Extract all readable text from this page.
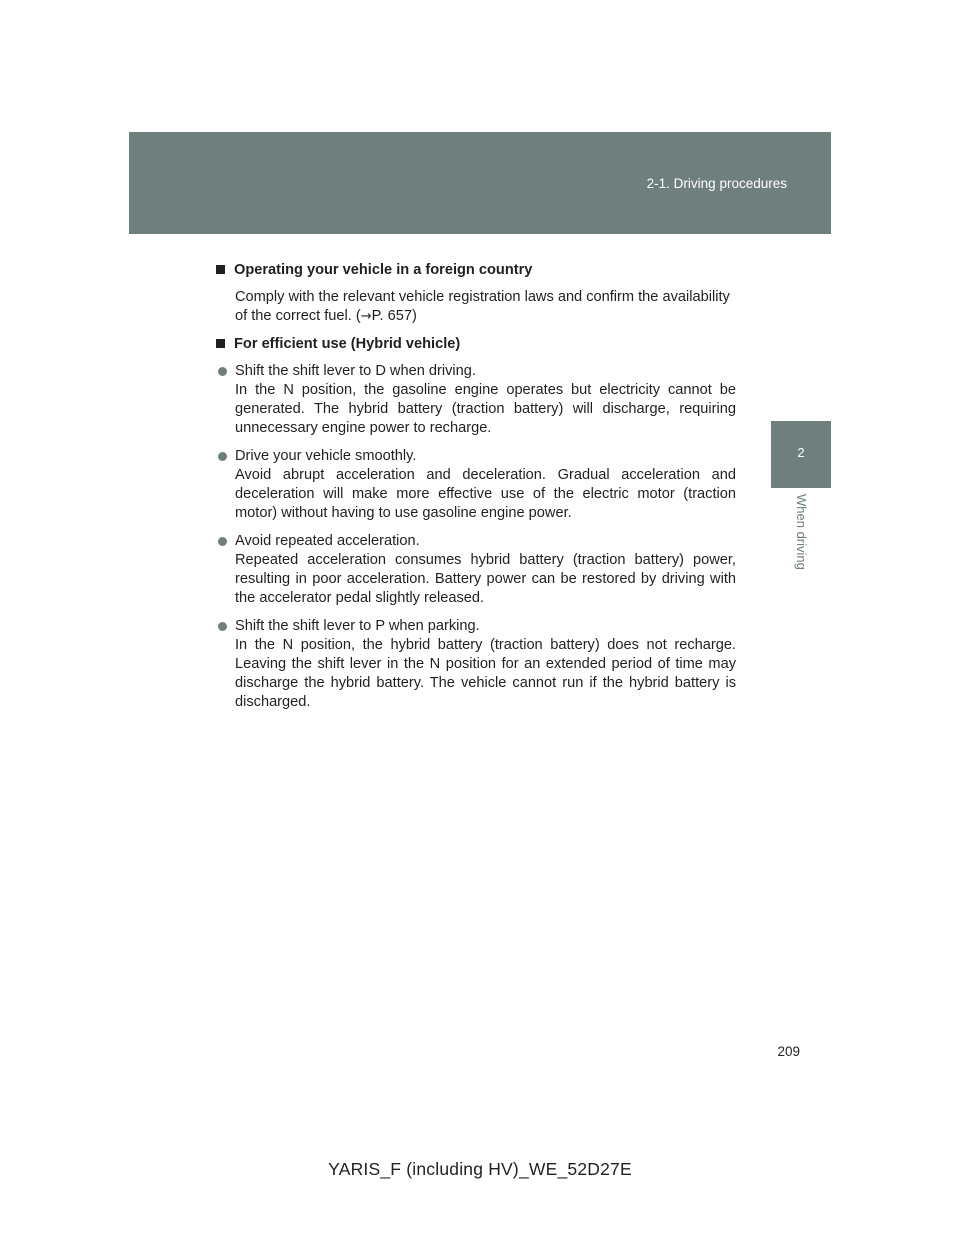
2-1. Driving procedures
2
When driving
Operating your vehicle in a foreign country
Comply with the relevant vehicle registration laws and confirm the availability of the correct fuel. (→P. 657)
For efficient use (Hybrid vehicle)
Shift the shift lever to D when driving.
In the N position, the gasoline engine operates but electricity cannot be generated. The hybrid battery (traction battery) will discharge, requiring unnecessary engine power to recharge.
Drive your vehicle smoothly.
Avoid abrupt acceleration and deceleration. Gradual acceleration and deceleration will make more effective use of the electric motor (traction motor) without having to use gasoline engine power.
Avoid repeated acceleration.
Repeated acceleration consumes hybrid battery (traction battery) power, resulting in poor acceleration. Battery power can be restored by driving with the accelerator pedal slightly released.
Shift the shift lever to P when parking.
In the N position, the hybrid battery (traction battery) does not recharge. Leaving the shift lever in the N position for an extended period of time may discharge the hybrid battery. The vehicle cannot run if the hybrid battery is discharged.
209
YARIS_F (including HV)_WE_52D27E
